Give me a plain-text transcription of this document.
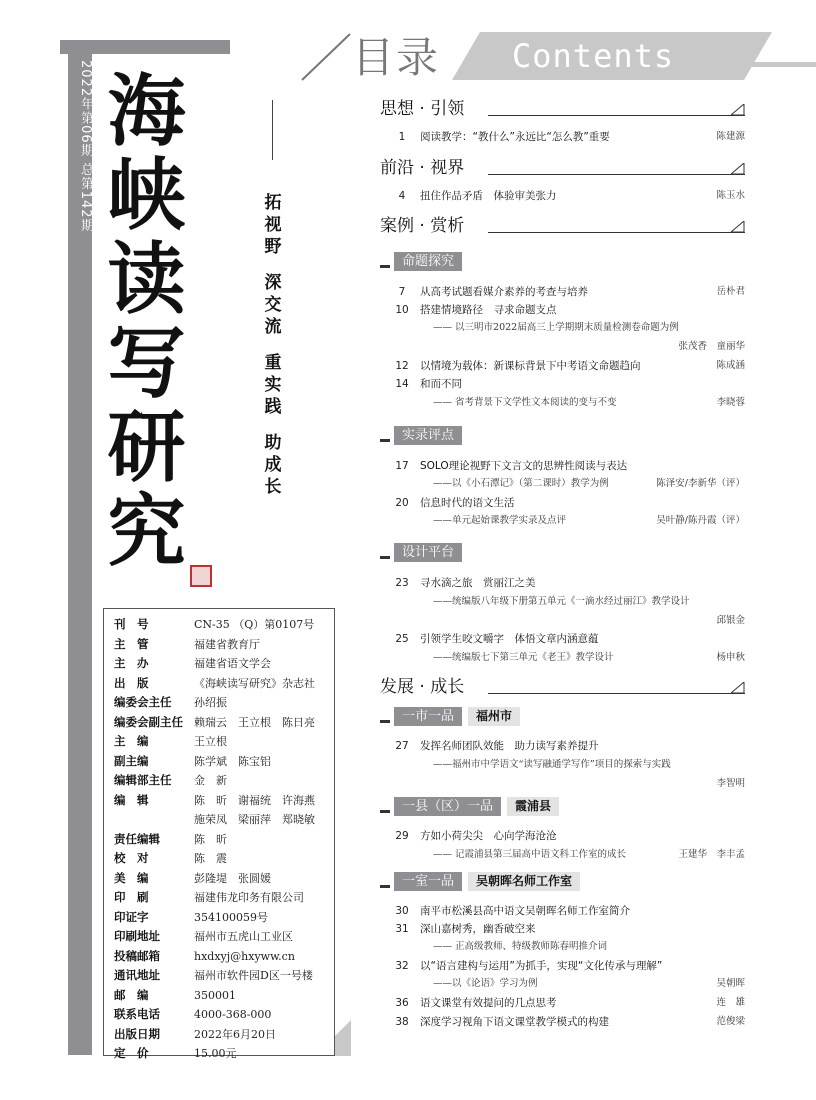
2022年第06期 总第142期 海
峡
读
写
研
究
拓
视
野
深
交
流
重
实
践
助
成
长
刊　号	CN-35 （Q）第0107号
主　管	福建省教育厅
主　办	福建省语文学会
出　版	《海峡读写研究》杂志社
编委会主任	孙绍振
编委会副主任	赖瑞云　王立根　陈日亮
主　编	王立根
副主编	陈学斌　陈宝铝
编辑部主任	金　新
编　辑	陈　昕　谢福统　许海燕
施荣凤　梁丽萍　郑晓敏
责任编辑	陈　昕
校　对	陈　震
美　编	彭隆堤　张圆媛
印　刷	福建伟龙印务有限公司
印证字	354100059号
印刷地址	福州市五虎山工业区
投稿邮箱	hxdxyj@hxyww.cn
通讯地址	福州市软件园D区一号楼
邮　编	350001
联系电话	4000-368-000
出版日期	2022年6月20日
定　价	15.00元
目录 Contents
思想 · 引领
前沿 · 视界
案例 · 赏析
发展 · 成长
命题探究
实录评点
设计平台
一市一品	福州市
一县（区）一品	霞浦县
一室一品	吴朝晖名师工作室
1	阅读教学：“教什么”永远比“怎么教”重要	陈建源
4	扭住作品矛盾　体验审美张力	陈玉水
7	从高考试题看媒介素养的考查与培养	岳朴君
10	搭建情境路径　寻求命题支点
—— 以三明市2022届高三上学期期末质量检测卷命题为例
张茂香　童丽华
12	以情境为载体：新课标背景下中考语文命题趋向	陈成涵
14	和而不同
—— 省考背景下文学性文本阅读的变与不变	李晓蓉
17	SOLO理论视野下文言文的思辨性阅读与表达
——以《小石潭记》（第二课时）教学为例	陈泽安/李新华（评）
20	信息时代的语文生活
——单元起始课教学实录及点评	吴叶静/陈丹霞（评）
23	寻水滴之旅　赏丽江之美
——统编版八年级下册第五单元《一滴水经过丽江》教学设计
邱银金
25	引领学生咬文嚼字　体悟文章内涵意蕴
——统编版七下第三单元《老王》教学设计	杨申秋
27	发挥名师团队效能　助力读写素养提升
——福州市中学语文“读写融通学写作”项目的探索与实践
李智明
29	方如小荷尖尖　心向学海沧沧
—— 记霞浦县第三届高中语文科工作室的成长	王建华　李丰孟
30	南平市松溪县高中语文吴朝晖名师工作室简介
31	深山嘉树秀，幽香破空来
—— 正高级教师、特级教师陈春明推介词
32	以“语言建构与运用”为抓手，实现“文化传承与理解”
——以《论语》学习为例	吴朝晖
36	语文课堂有效提问的几点思考	连　雄
38	深度学习视角下语文课堂教学模式的构建	范俊梁
